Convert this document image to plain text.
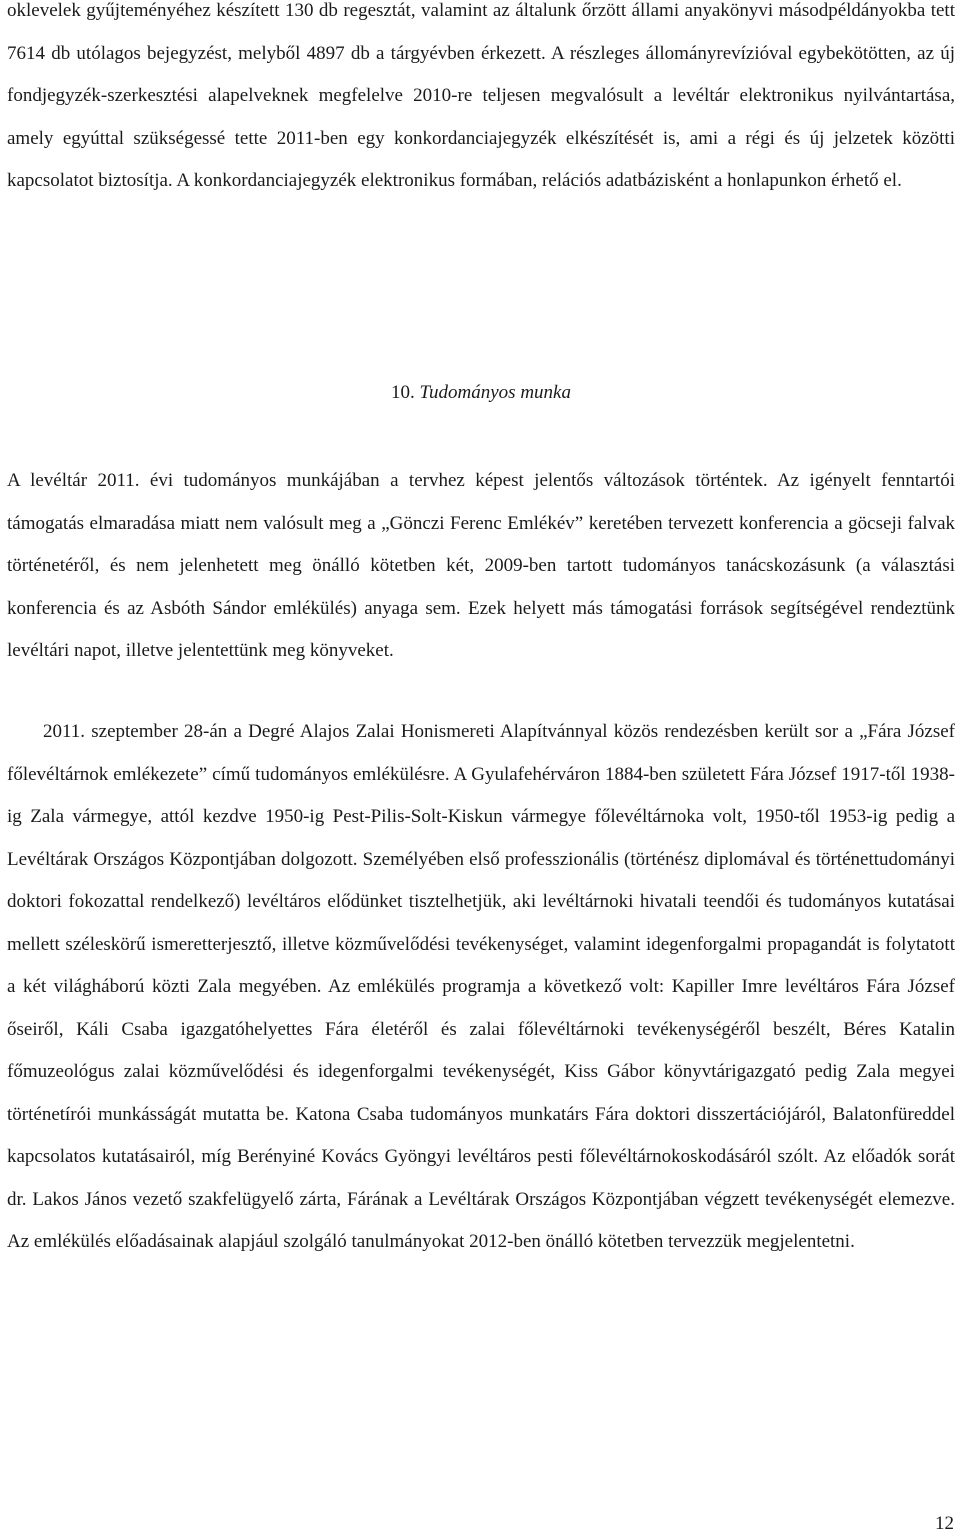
oklevelek gyűjteményéhez készített 130 db regesztát, valamint az általunk őrzött állami anyakönyvi másodpéldányokba tett 7614 db utólagos bejegyzést, melyből 4897 db a tárgyévben érkezett. A részleges állományrevízióval egybekötötten, az új fondjegyzék-szerkesztési alapelveknek megfelelve 2010-re teljesen megvalósult a levéltár elektronikus nyilvántartása, amely egyúttal szükségessé tette 2011-ben egy konkordanciajegyzék elkészítését is, ami a régi és új jelzetek közötti kapcsolatot biztosítja. A konkordanciajegyzék elektronikus formában, relációs adatbázisként a honlapunkon érhető el.

10. Tudományos munka

A levéltár 2011. évi tudományos munkájában a tervhez képest jelentős változások történtek. Az igényelt fenntartói támogatás elmaradása miatt nem valósult meg a „Gönczi Ferenc Emlékév” keretében tervezett konferencia a göcseji falvak történetéről, és nem jelenhetett meg önálló kötetben két, 2009-ben tartott tudományos tanácskozásunk (a választási konferencia és az Asbóth Sándor emlékülés) anyaga sem. Ezek helyett más támogatási források segítségével rendeztünk levéltári napot, illetve jelentettünk meg könyveket.

2011. szeptember 28-án a Degré Alajos Zalai Honismereti Alapítvánnyal közös rendezésben került sor a „Fára József főlevéltárnok emlékezete” című tudományos emlékülésre. A Gyulafehérváron 1884-ben született Fára József 1917-től 1938-ig Zala vármegye, attól kezdve 1950-ig Pest-Pilis-Solt-Kiskun vármegye főlevéltárnoka volt, 1950-től 1953-ig pedig a Levéltárak Országos Központjában dolgozott. Személyében első professzionális (történész diplomával és történettudományi doktori fokozattal rendelkező) levéltáros elődünket tisztelhetjük, aki levéltárnoki hivatali teendői és tudományos kutatásai mellett széleskörű ismeretterjesztő, illetve közművelődési tevékenységet, valamint idegenforgalmi propagandát is folytatott a két világháború közti Zala megyében. Az emlékülés programja a következő volt: Kapiller Imre levéltáros Fára József őseiről, Káli Csaba igazgatóhelyettes Fára életéről és zalai főlevéltárnoki tevékenységéről beszélt, Béres Katalin főmuzeológus zalai közművelődési és idegenforgalmi tevékenységét, Kiss Gábor könyvtárigazgató pedig Zala megyei történetírói munkásságát mutatta be. Katona Csaba tudományos munkatárs Fára doktori disszertációjáról, Balatonfüreddel kapcsolatos kutatásairól, míg Berényiné Kovács Gyöngyi levéltáros pesti főlevéltárnokoskodásáról szólt. Az előadók sorát dr. Lakos János vezető szakfelügyelő zárta, Fárának a Levéltárak Országos Központjában végzett tevékenységét elemezve. Az emlékülés előadásainak alapjául szolgáló tanulmányokat 2012-ben önálló kötetben tervezzük megjelentetni.

12
